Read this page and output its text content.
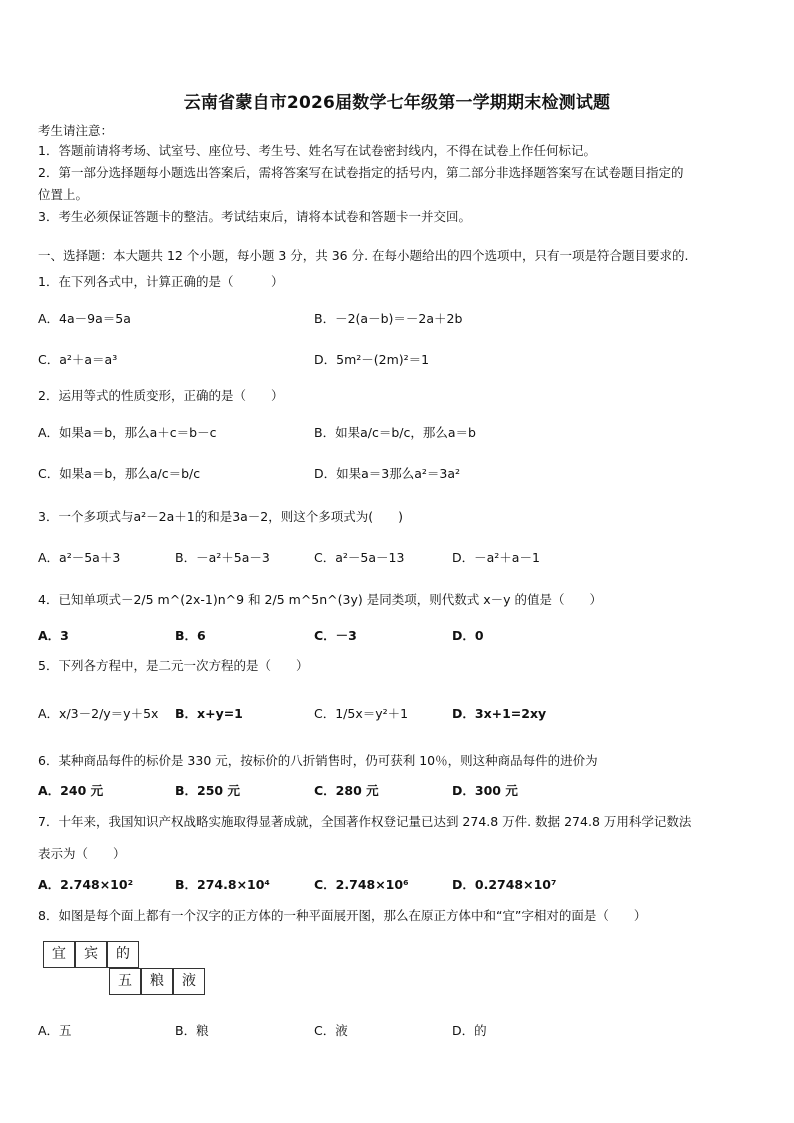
云南省蒙自市2026届数学七年级第一学期期末检测试题
考生请注意：
1．答题前请将考场、试室号、座位号、考生号、姓名写在试卷密封线内，不得在试卷上作任何标记。
2．第一部分选择题每小题选出答案后，需将答案写在试卷指定的括号内，第二部分非选择题答案写在试卷题目指定的
位置上。
3．考生必须保证答题卡的整洁。考试结束后，请将本试卷和答题卡一并交回。
一、选择题：本大题共 12 个小题，每小题 3 分，共 36 分. 在每小题给出的四个选项中，只有一项是符合题目要求的.
1．在下列各式中，计算正确的是（　　　）
A．4a－9a＝5a	B．－2(a－b)＝－2a＋2b
C．a²＋a＝a³	D．5m²－(2m)²＝1
2．运用等式的性质变形，正确的是（　　）
A．如果a＝b，那么a＋c＝b－c	B．如果a/c＝b/c，那么a＝b
C．如果a＝b，那么a/c＝b/c	D．如果a＝3那么a²＝3a²
3．一个多项式与a²－2a＋1的和是3a－2，则这个多项式为(　　)
A．a²－5a＋3	B．－a²＋5a－3	C．a²－5a－13	D．－a²＋a－1
4．已知单项式－2/5 m^(2x-1)n^9 和 2/5 m^5n^(3y) 是同类项，则代数式 x－y 的值是（　　）
A．3	B．6	C．－3	D．0
5．下列各方程中，是二元一次方程的是（　　）
A．x/3－2/y＝y＋5x B．x+y=1	C．1/5x＝y²＋1	D．3x+1=2xy
6．某种商品每件的标价是 330 元，按标价的八折销售时，仍可获利 10％，则这种商品每件的进价为
A．240 元	B．250 元	C．280 元	D．300 元
7．十年来，我国知识产权战略实施取得显著成就，全国著作权登记量已达到 274.8 万件. 数据 274.8 万用科学记数法
表示为（　　）
A．2.748×10²	B．274.8×10⁴	C．2.748×10⁶	D．0.2748×10⁷
8．如图是每个面上都有一个汉字的正方体的一种平面展开图，那么在原正方体中和“宜”字相对的面是（　　）
宜	宾	的
五	粮	液
A．五	B．粮	C．液	D．的
